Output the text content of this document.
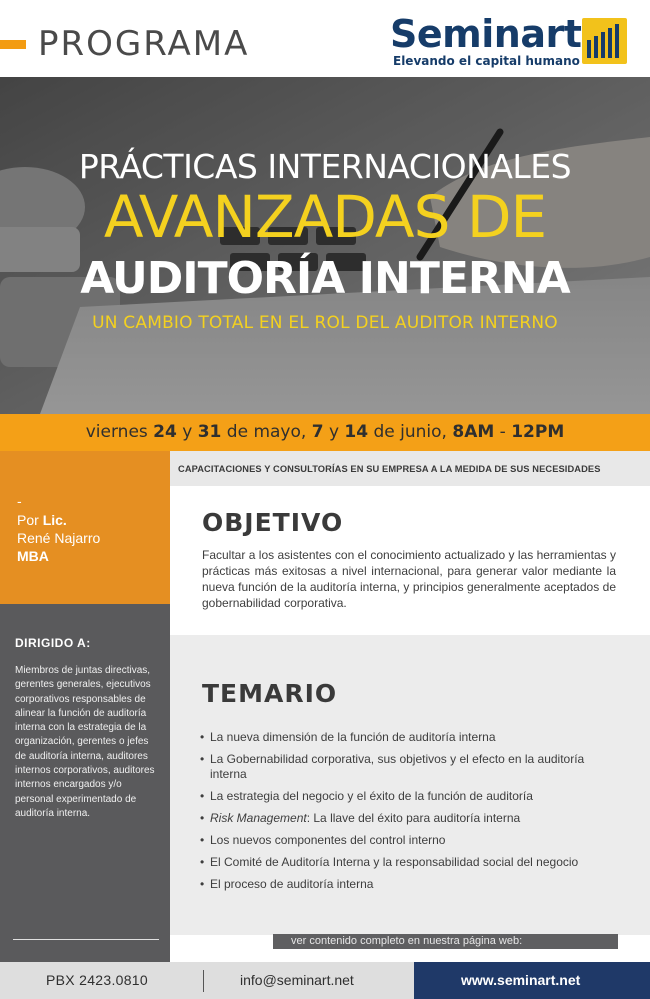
PROGRAMA	Seminart
Elevando el capital humano
PRÁCTICAS INTERNACIONALES
AVANZADAS DE
AUDITORÍA INTERNA
UN CAMBIO TOTAL EN EL ROL DEL AUDITOR INTERNO
viernes 24 y 31 de mayo, 7 y 14 de junio, 8AM - 12PM
-
Por Lic.
René Najarro
MBA
DIRIGIDO A:
Miembros de juntas directivas, gerentes generales, ejecutivos corporativos responsables de alinear la función de auditoría interna con la estrategia de la organización, gerentes o jefes de auditoría interna, auditores internos corporativos, auditores internos encargados y/o personal experimentado de auditoría interna.
CAPACITACIONES Y CONSULTORÍAS EN SU EMPRESA A LA MEDIDA DE SUS NECESIDADES
OBJETIVO

Facultar a los asistentes con el conocimiento actualizado y las herramientas y prácticas más exitosas a nivel internacional, para generar valor mediante la nueva función de la auditoría interna, y principios generalmente aceptados de gobernabilidad corporativa.

TEMARIO
• La nueva dimensión de la función de auditoría interna
• La Gobernabilidad corporativa, sus objetivos y el efecto en la auditoría interna
• La estrategia del negocio y el éxito de la función de auditoría
• Risk Management: La llave del éxito para auditoría interna
• Los nuevos componentes del control interno
• El Comité de Auditoría Interna y la responsabilidad social del negocio
• El proceso de auditoría interna
ver contenido completo en nuestra página web:
PBX 2423.0810	info@seminart.net	www.seminart.net
